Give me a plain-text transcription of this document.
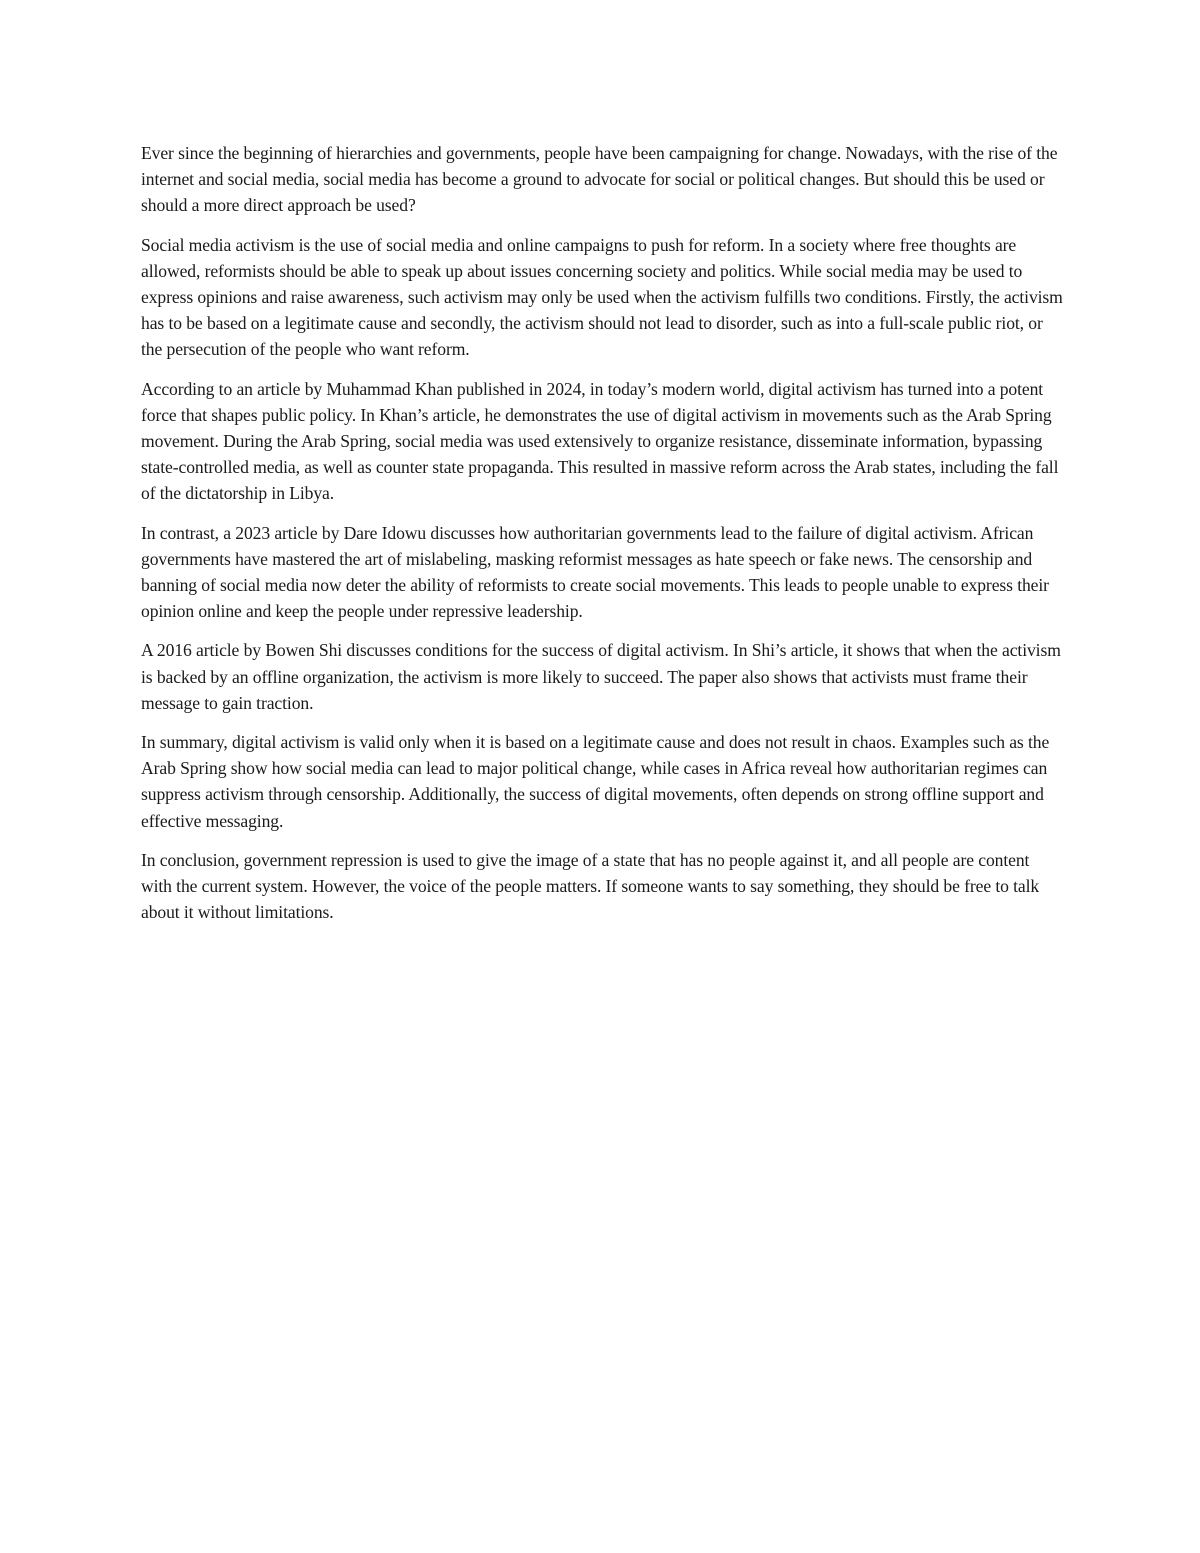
Ever since the beginning of hierarchies and governments, people have been campaigning for change. Nowadays, with the rise of the internet and social media, social media has become a ground to advocate for social or political changes. But should this be used or should a more direct approach be used?

Social media activism is the use of social media and online campaigns to push for reform. In a society where free thoughts are allowed, reformists should be able to speak up about issues concerning society and politics. While social media may be used to express opinions and raise awareness, such activism may only be used when the activism fulfills two conditions. Firstly, the activism has to be based on a legitimate cause and secondly, the activism should not lead to disorder, such as into a full-scale public riot, or the persecution of the people who want reform.

According to an article by Muhammad Khan published in 2024, in today’s modern world, digital activism has turned into a potent force that shapes public policy. In Khan’s article, he demonstrates the use of digital activism in movements such as the Arab Spring movement. During the Arab Spring, social media was used extensively to organize resistance, disseminate information, bypassing state-controlled media, as well as counter state propaganda. This resulted in massive reform across the Arab states, including the fall of the dictatorship in Libya.

In contrast, a 2023 article by Dare Idowu discusses how authoritarian governments lead to the failure of digital activism. African governments have mastered the art of mislabeling, masking reformist messages as hate speech or fake news. The censorship and banning of social media now deter the ability of reformists to create social movements. This leads to people unable to express their opinion online and keep the people under repressive leadership.

A 2016 article by Bowen Shi discusses conditions for the success of digital activism. In Shi’s article, it shows that when the activism is backed by an offline organization, the activism is more likely to succeed. The paper also shows that activists must frame their message to gain traction.

In summary, digital activism is valid only when it is based on a legitimate cause and does not result in chaos. Examples such as the Arab Spring show how social media can lead to major political change, while cases in Africa reveal how authoritarian regimes can suppress activism through censorship. Additionally, the success of digital movements, often depends on strong offline support and effective messaging.

In conclusion, government repression is used to give the image of a state that has no people against it, and all people are content with the current system. However, the voice of the people matters. If someone wants to say something, they should be free to talk about it without limitations.
